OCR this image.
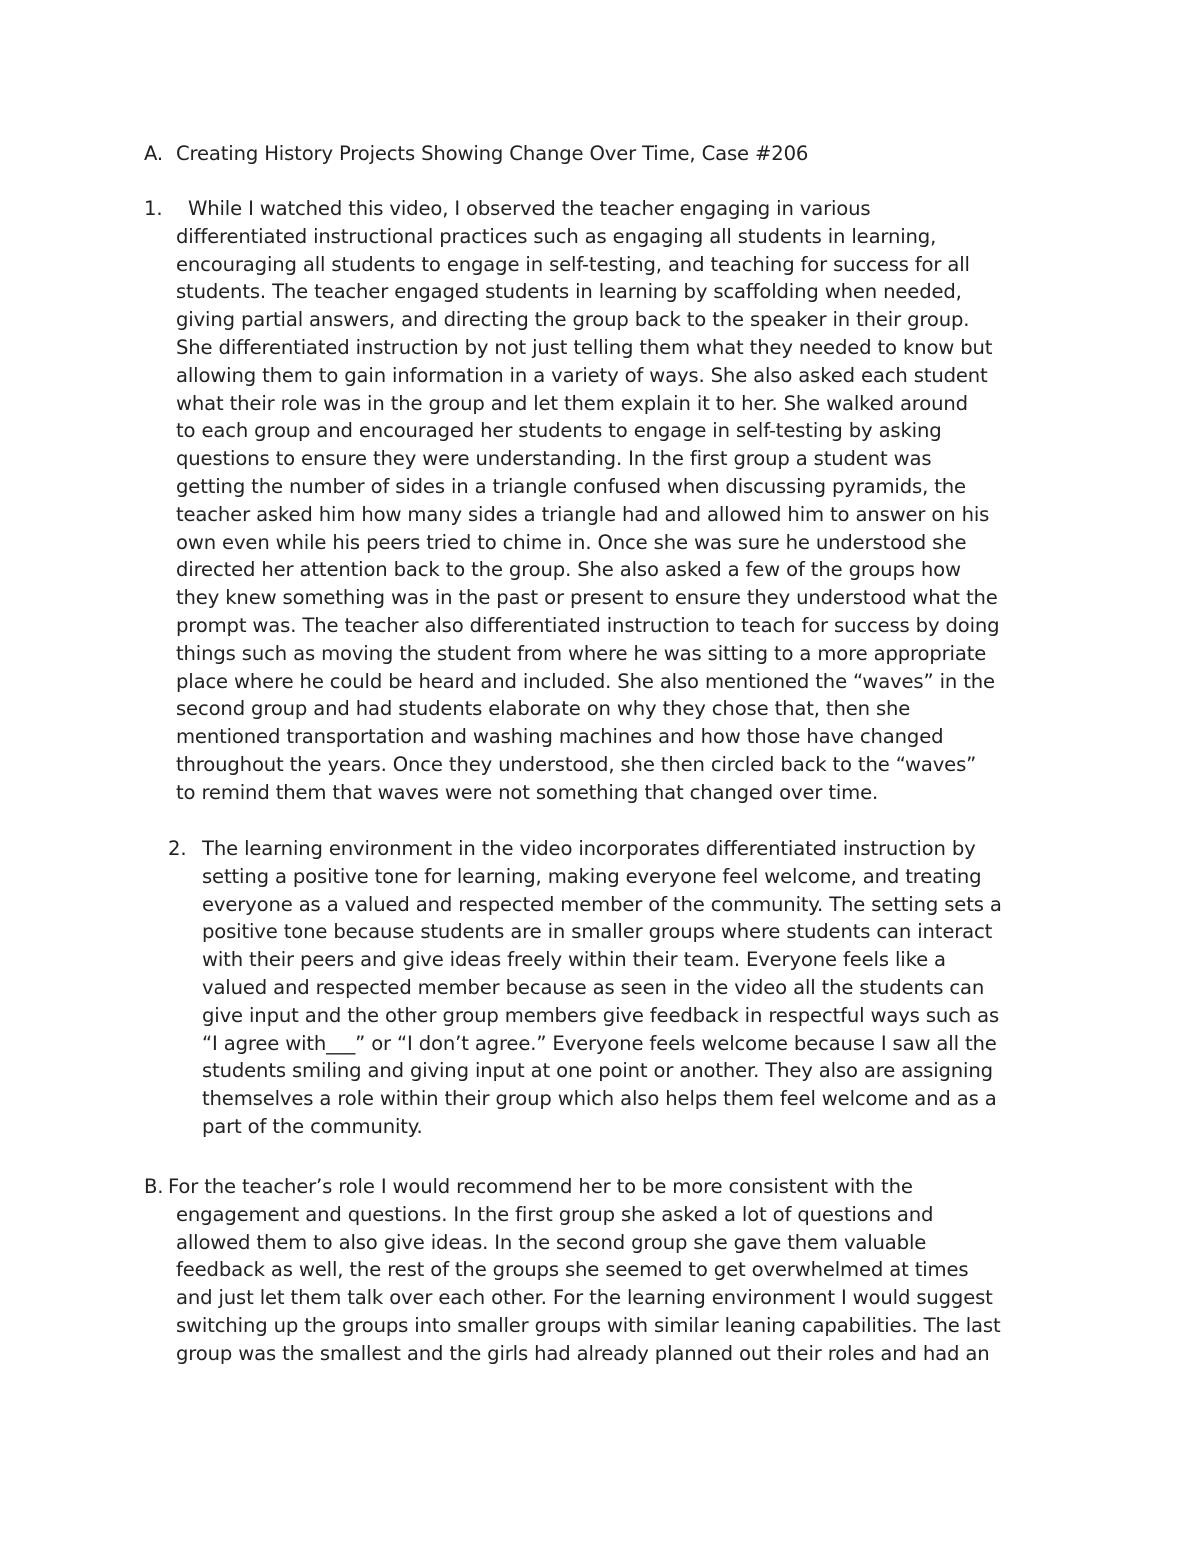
A. Creating History Projects Showing Change Over Time, Case #206
1.	While I watched this video, I observed the teacher engaging in various
differentiated instructional practices such as engaging all students in learning,
encouraging all students to engage in self-testing, and teaching for success for all
students. The teacher engaged students in learning by scaffolding when needed,
giving partial answers, and directing the group back to the speaker in their group.
She differentiated instruction by not just telling them what they needed to know but
allowing them to gain information in a variety of ways. She also asked each student
what their role was in the group and let them explain it to her. She walked around
to each group and encouraged her students to engage in self-testing by asking
questions to ensure they were understanding. In the first group a student was
getting the number of sides in a triangle confused when discussing pyramids, the
teacher asked him how many sides a triangle had and allowed him to answer on his
own even while his peers tried to chime in. Once she was sure he understood she
directed her attention back to the group. She also asked a few of the groups how
they knew something was in the past or present to ensure they understood what the
prompt was. The teacher also differentiated instruction to teach for success by doing
things such as moving the student from where he was sitting to a more appropriate
place where he could be heard and included. She also mentioned the “waves” in the
second group and had students elaborate on why they chose that, then she
mentioned transportation and washing machines and how those have changed
throughout the years. Once they understood, she then circled back to the “waves”
to remind them that waves were not something that changed over time.
2. The learning environment in the video incorporates differentiated instruction by
setting a positive tone for learning, making everyone feel welcome, and treating
everyone as a valued and respected member of the community. The setting sets a
positive tone because students are in smaller groups where students can interact
with their peers and give ideas freely within their team. Everyone feels like a
valued and respected member because as seen in the video all the students can
give input and the other group members give feedback in respectful ways such as
“I agree with___” or “I don’t agree.” Everyone feels welcome because I saw all the
students smiling and giving input at one point or another. They also are assigning
themselves a role within their group which also helps them feel welcome and as a
part of the community.
B. For the teacher’s role I would recommend her to be more consistent with the
engagement and questions. In the first group she asked a lot of questions and
allowed them to also give ideas. In the second group she gave them valuable
feedback as well, the rest of the groups she seemed to get overwhelmed at times
and just let them talk over each other. For the learning environment I would suggest
switching up the groups into smaller groups with similar leaning capabilities. The last
group was the smallest and the girls had already planned out their roles and had an
